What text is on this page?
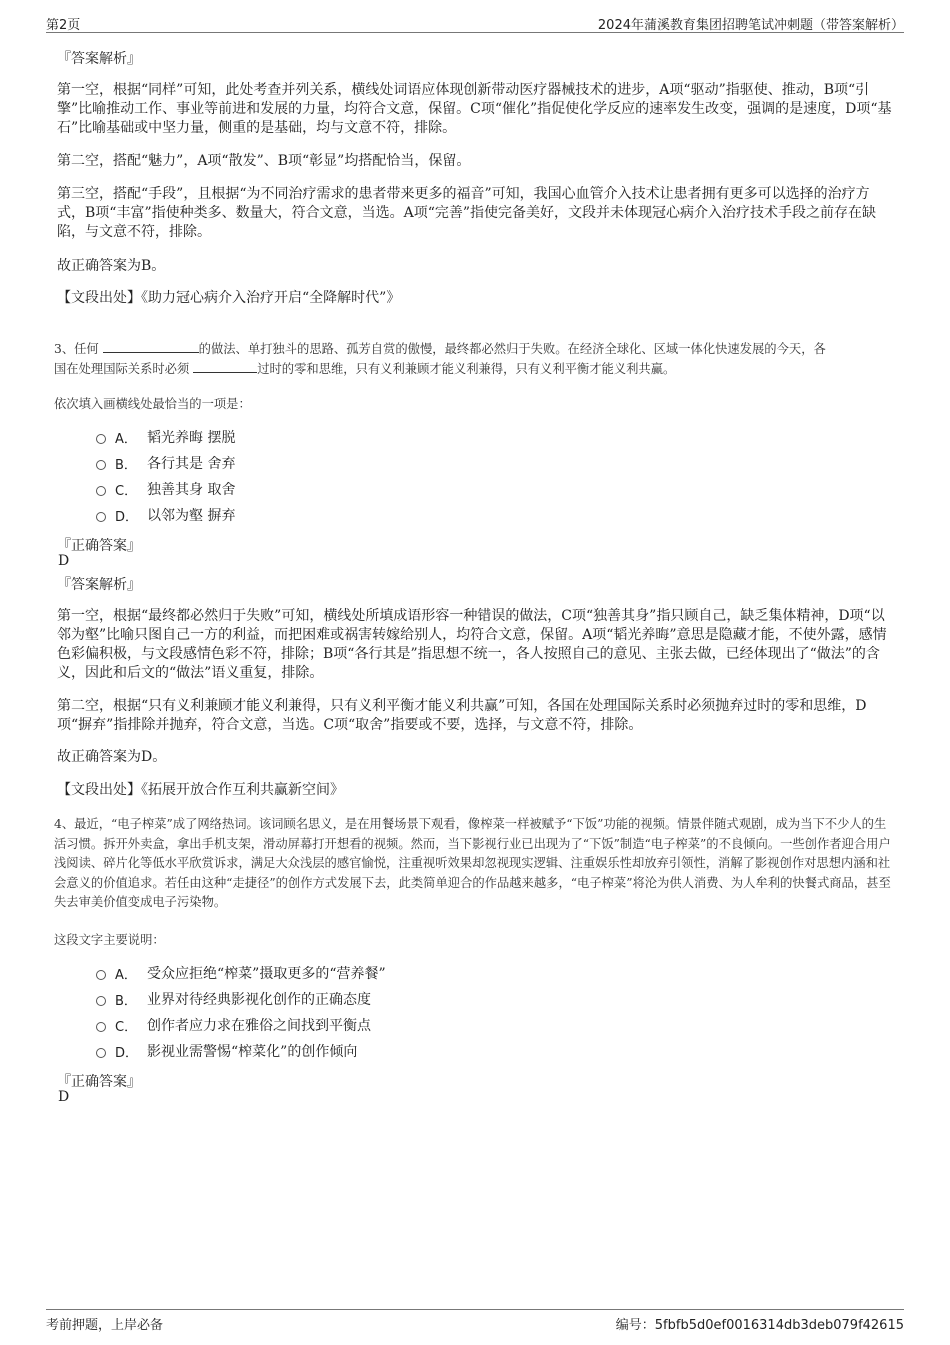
第2页	2024年蒲溪教育集团招聘笔试冲刺题（带答案解析）
『答案解析』
第一空，根据“同样”可知，此处考查并列关系，横线处词语应体现创新带动医疗器械技术的进步，A项“驱动”指驱使、推动，B项“引擎”比喻推动工作、事业等前进和发展的力量，均符合文意，保留。C项“催化”指促使化学反应的速率发生改变，强调的是速度，D项“基石”比喻基础或中坚力量，侧重的是基础，均与文意不符，排除。
第二空，搭配“魅力”，A项“散发”、B项“彰显”均搭配恰当，保留。
第三空，搭配“手段”，且根据“为不同治疗需求的患者带来更多的福音”可知，我国心血管介入技术让患者拥有更多可以选择的治疗方式，B项“丰富”指使种类多、数量大，符合文意，当选。A项“完善”指使完备美好，文段并未体现冠心病介入治疗技术手段之前存在缺陷，与文意不符，排除。
故正确答案为B。
【文段出处】《助力冠心病介入治疗开启“全降解时代”》
3、任何	的做法、单打独斗的思路、孤芳自赏的傲慢，最终都必然归于失败。在经济全球化、区域一体化快速发展的今天，各
国在处理国际关系时必须	过时的零和思维，只有义利兼顾才能义利兼得，只有义利平衡才能义利共赢。
依次填入画横线处最恰当的一项是：
A． 韬光养晦 摆脱
B． 各行其是 舍弃
C． 独善其身 取舍
D． 以邻为壑 摒弃
『正确答案』
D
『答案解析』
第一空，根据“最终都必然归于失败”可知，横线处所填成语形容一种错误的做法，C项“独善其身”指只顾自己，缺乏集体精神，D项“以邻为壑”比喻只图自己一方的利益，而把困难或祸害转嫁给别人，均符合文意，保留。A项“韬光养晦”意思是隐藏才能，不使外露，感情色彩偏积极，与文段感情色彩不符，排除；B项“各行其是”指思想不统一，各人按照自己的意见、主张去做，已经体现出了“做法”的含义，因此和后文的“做法”语义重复，排除。
第二空，根据“只有义利兼顾才能义利兼得，只有义利平衡才能义利共赢”可知，各国在处理国际关系时必须抛弃过时的零和思维，D项“摒弃”指排除并抛弃，符合文意，当选。C项“取舍”指要或不要，选择，与文意不符，排除。
故正确答案为D。
【文段出处】《拓展开放合作互利共赢新空间》
4、最近，“电子榨菜”成了网络热词。该词顾名思义，是在用餐场景下观看，像榨菜一样被赋予“下饭”功能的视频。情景伴随式观剧，成为当下不少人的生活习惯。拆开外卖盒，拿出手机支架，滑动屏幕打开想看的视频。然而，当下影视行业已出现为了“下饭”制造“电子榨菜”的不良倾向。一些创作者迎合用户浅阅读、碎片化等低水平欣赏诉求，满足大众浅层的感官愉悦，注重视听效果却忽视现实逻辑、注重娱乐性却放弃引领性，消解了影视创作对思想内涵和社会意义的价值追求。若任由这种“走捷径”的创作方式发展下去，此类简单迎合的作品越来越多，“电子榨菜”将沦为供人消费、为人牟利的快餐式商品，甚至失去审美价值变成电子污染物。
这段文字主要说明：
A． 受众应拒绝“榨菜”摄取更多的“营养餐”
B． 业界对待经典影视化创作的正确态度
C． 创作者应力求在雅俗之间找到平衡点
D． 影视业需警惕“榨菜化”的创作倾向
『正确答案』
D
考前押题，上岸必备	编号：5fbfb5d0ef0016314db3deb079f42615
